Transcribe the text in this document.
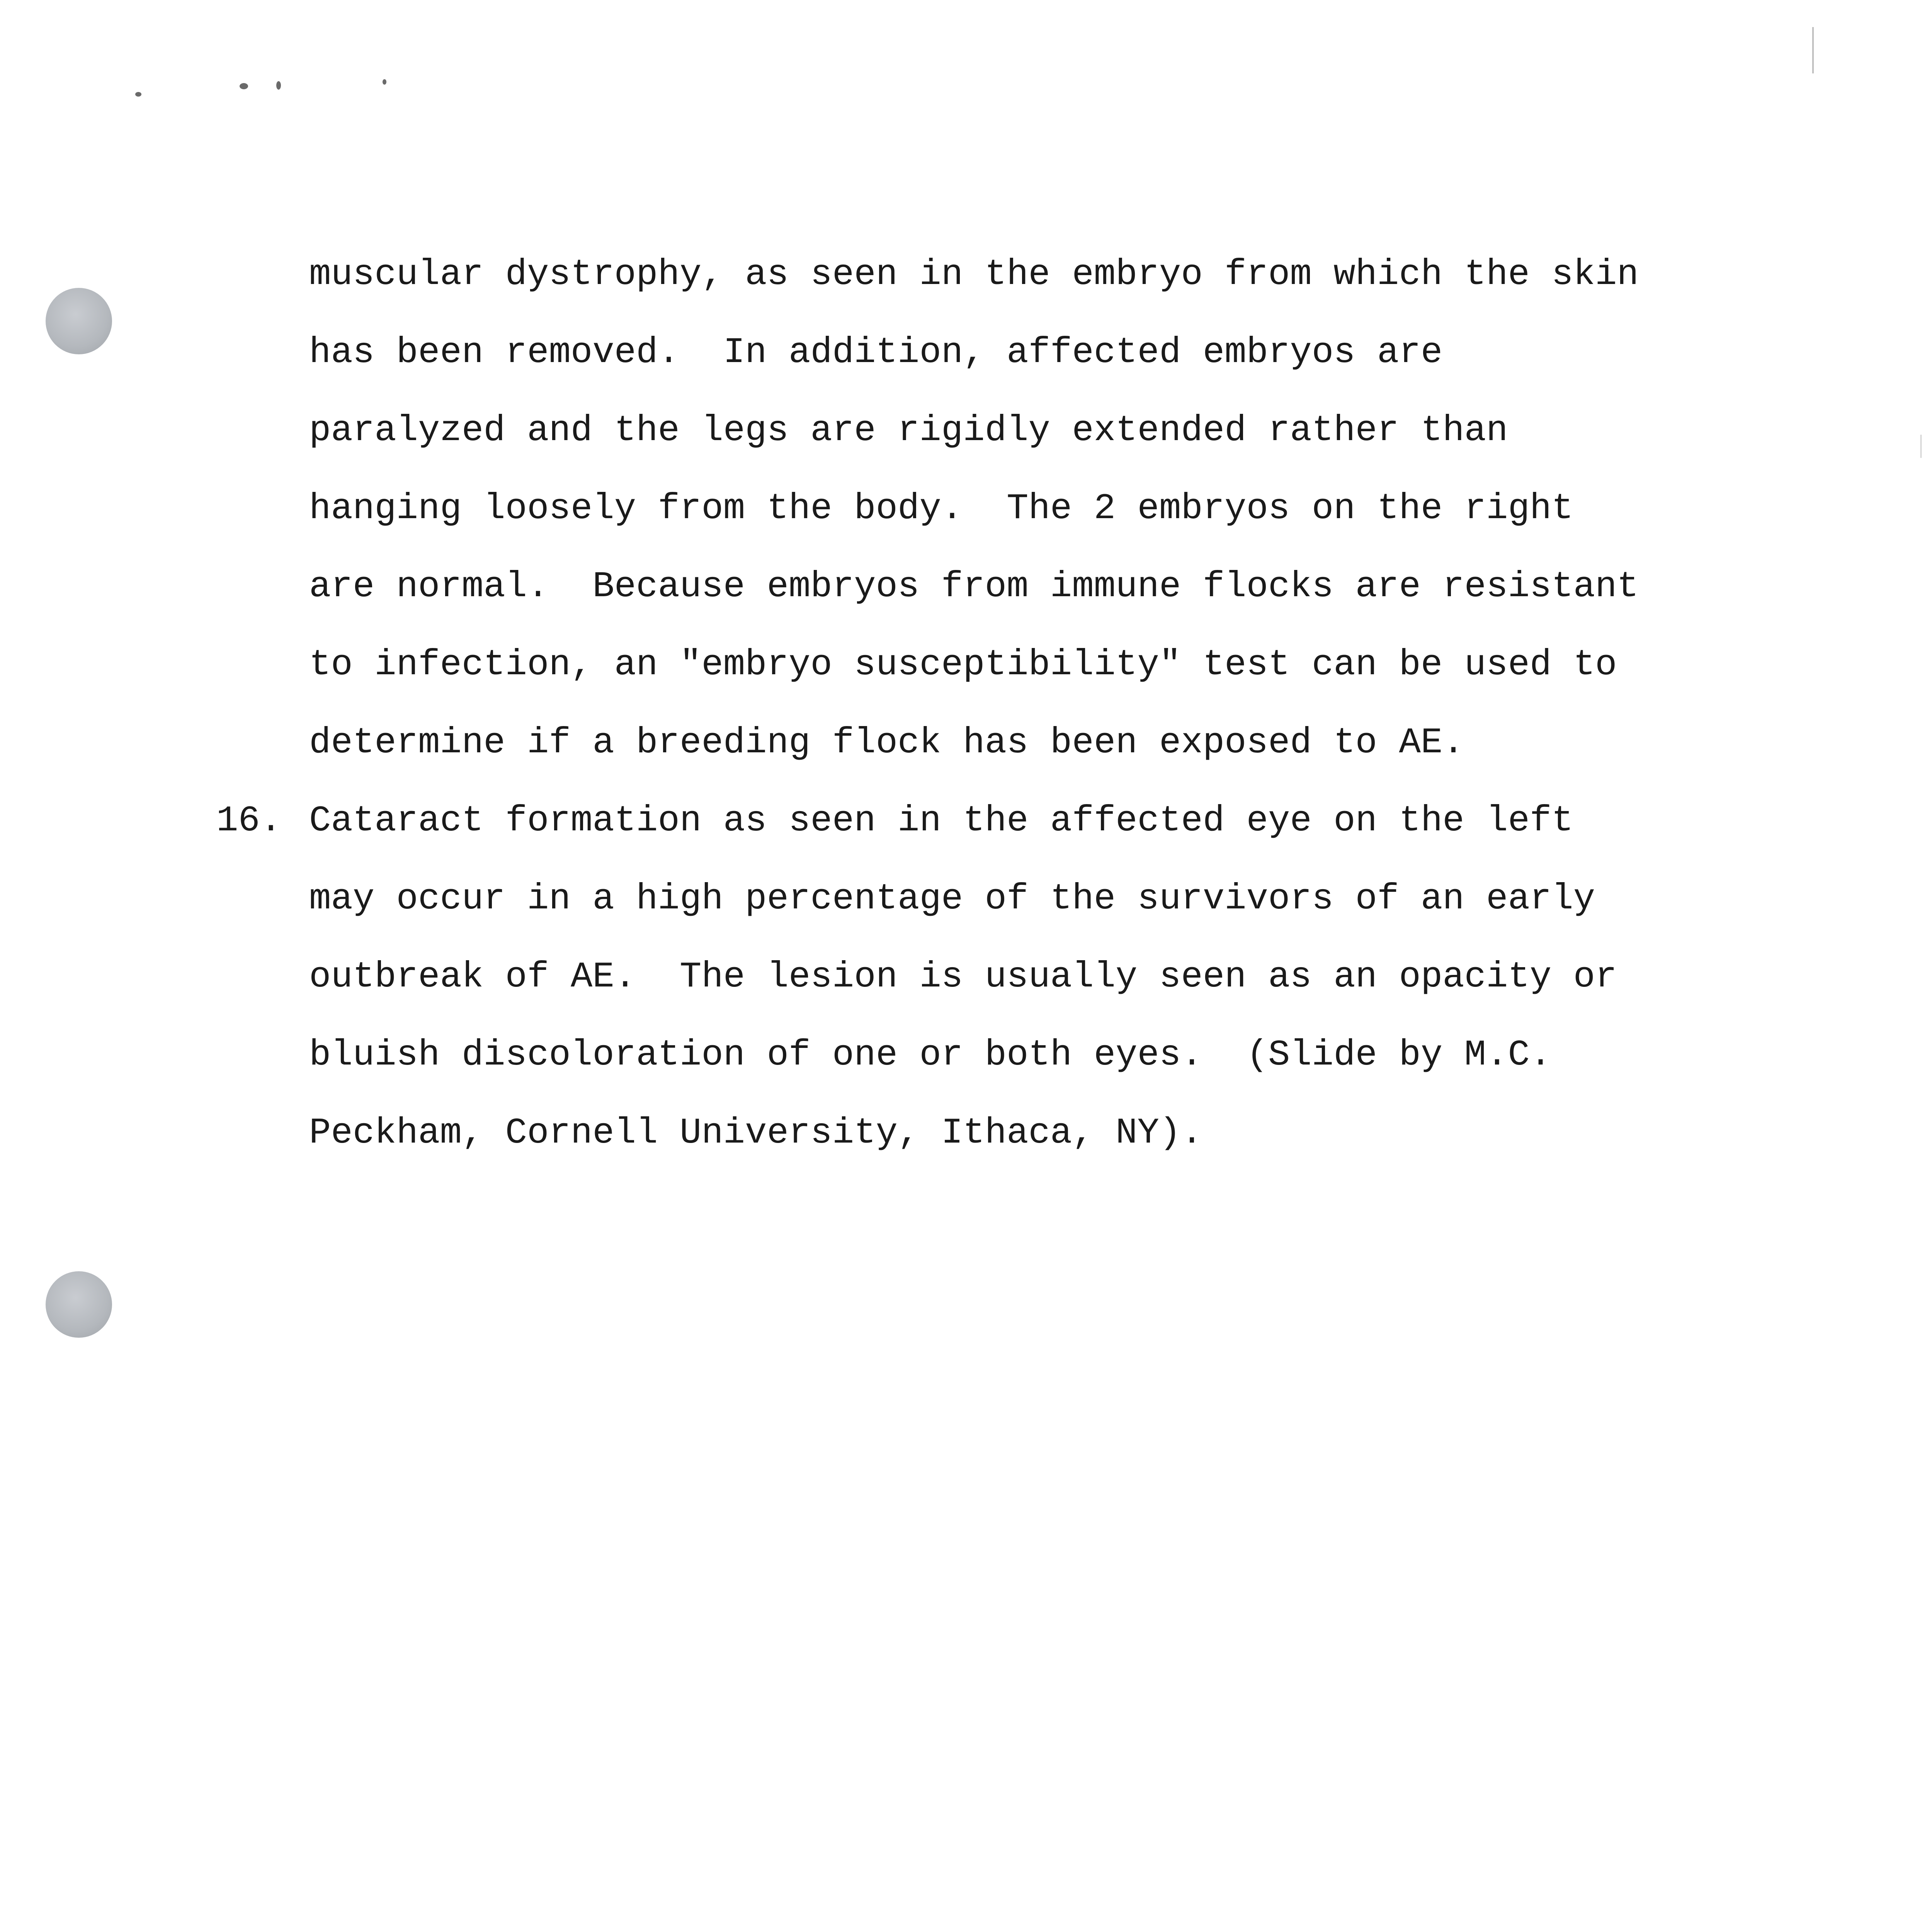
muscular dystrophy, as seen in the embryo from which the skin
has been removed.  In addition, affected embryos are
paralyzed and the legs are rigidly extended rather than
hanging loosely from the body.  The 2 embryos on the right
are normal.  Because embryos from immune flocks are resistant
to infection, an "embryo susceptibility" test can be used to
determine if a breeding flock has been exposed to AE.
16. Cataract formation as seen in the affected eye on the left
may occur in a high percentage of the survivors of an early
outbreak of AE.  The lesion is usually seen as an opacity or
bluish discoloration of one or both eyes.  (Slide by M.C.
Peckham, Cornell University, Ithaca, NY).
